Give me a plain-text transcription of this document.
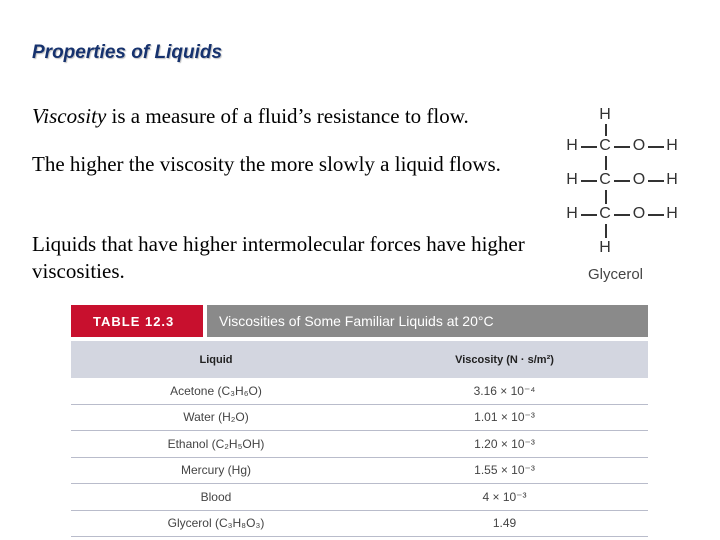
Properties of Liquids

Viscosity is a measure of a fluid’s resistance to flow.

The higher the viscosity the more slowly a liquid flows.

Liquids that have higher intermolecular forces have higher viscosities.

H
H C O H
H C O H
H C O H
H
Glycerol
TABLE 12.3	Viscosities of Some Familiar Liquids at 20°C
Liquid	Viscosity (N · s/m²)
Acetone (C₃H₆O)	3.16 × 10⁻⁴
Water (H₂O)	1.01 × 10⁻³
Ethanol (C₂H₅OH)	1.20 × 10⁻³
Mercury (Hg)	1.55 × 10⁻³
Blood	4 × 10⁻³
Glycerol (C₃H₈O₃)	1.49
